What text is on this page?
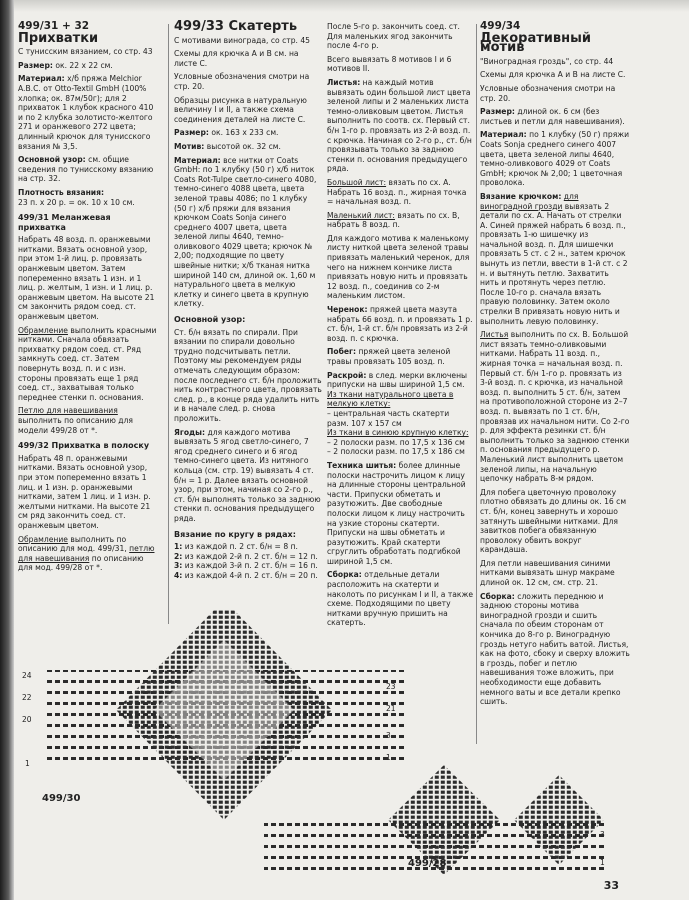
499/31 + 32
Прихватки

С тунисским вязанием, со стр. 43

Размер: ок. 22 x 22 см.

Материал: x/б пряжа Melchior A.B.C. от Otto-Textil GmbH (100% хлопка; ок. 87м/50г); для 2 прихваток 1 клубок красного 410 и по 2 клубка золотисто-желтого 271 и оранжевого 272 цвета; длинный крючок для тунисского вязания № 3,5.

Основной узор: см. общие сведения по тунисскому вязанию на стр. 32.

Плотность вязания:
23 п. x 20 р. = ок. 10 x 10 см.

499/31 Меланжевая прихватка

Набрать 48 возд. п. оранжевыми нитками. Вязать основной узор, при этом 1-й лиц. р. провязать оранжевым цветом. Затем попеременно вязать 1 изн. и 1 лиц. р. желтым, 1 изн. и 1 лиц. р. оранжевым цветом. На высоте 21 см закончить рядом соед. ст. оранжевым цветом.

Обрамление выполнить красными нитками. Сначала обвязать прихватку рядом соед. ст. Ряд замкнуть соед. ст. Затем повернуть возд. п. и с изн. стороны провязать еще 1 ряд соед. ст., захватывая только переднее стенки п. основания.

Петлю для навешивания выполнить по описанию для модели 499/28 от *.

499/32 Прихватка в полоску

Набрать 48 п. оранжевыми нитками. Вязать основной узор, при этом попеременно вязать 1 лиц. и 1 изн. р. оранжевыми нитками, затем 1 лиц. и 1 изн. р. желтыми нитками. На высоте 21 см ряд закончить соед. ст. оранжевым цветом.

Обрамление выполнить по описанию для мод. 499/31, петлю для навешивания по описанию для мод. 499/28 от *.

499/33 Скатерть

С мотивами винограда, со стр. 45

Схемы для крючка А и В см. на листе С.

Условные обозначения смотри на стр. 20.

Образцы рисунка в натуральную величину I и II, а также схема соединения деталей на листе С.

Размер: ок. 163 x 233 см.

Мотив: высотой ок. 32 см.

Материал: все нитки от Coats GmbH: по 1 клубку (50 г) x/б ниток Coats Rot-Tulpe светло-синего 4080, темно-синего 4088 цвета, цвета зеленой травы 4086; по 1 клубку (50 г) x/б пряжи для вязания крючком Coats Sonja синего среднего 4007 цвета, цвета зеленой липы 4640, темно-оливкового 4029 цвета; крючок № 2,00; подходящие по цвету швейные нитки; x/б тканая нитка шириной 140 см, длиной ок. 1,60 м натурального цвета в мелкую клетку и синего цвета в крупную клетку.

Основной узор:

Ст. б/н вязать по спирали. При вязании по спирали довольно трудно подсчитывать петли. Поэтому мы рекомендуем ряды отмечать следующим образом: после последнего ст. б/н проложить нить контрастного цвета, провязать след. р., в конце ряда удалить нить и в начале след. р. снова проложить.

Ягоды: для каждого мотива вывязать 5 ягод светло-синего, 7 ягод среднего синего и 6 ягод темно-синего цвета. Из нитяного кольца (см. стр. 19) вывязать 4 ст. б/н = 1 р. Далее вязать основной узор, при этом, начиная со 2-го р., ст. б/н выполнять только за заднюю стенки п. основания предыдущего ряда.

Вязание по кругу в рядах:
1: из каждой п. 2 ст. б/н = 8 п.
2: из каждой 2-й п. 2 ст. б/н = 12 п.
3: из каждой 3-й п. 2 ст. б/н = 16 п.
4: из каждой 4-й п. 2 ст. б/н = 20 п.

После 5-го р. закончить соед. ст. Для маленьких ягод закончить после 4-го р.

Всего вывязать 8 мотивов I и 6 мотивов II.

Листья: на каждый мотив вывязать один большой лист цвета зеленой липы и 2 маленьких листа темно-оливковым цветом. Листья выполнить по соотв. сх. Первый ст. б/н 1-го р. провязать из 2-й возд. п. с крючка. Начиная со 2-го р., ст. б/н провязывать только за заднюю стенки п. основания предыдущего ряда.

Большой лист: вязать по сх. А. Набрать 16 возд. п., жирная точка = начальная возд. п.

Маленький лист: вязать по сх. В, набрать 8 возд. п.

Для каждого мотива к маленькому листу ниткой цвета зеленой травы привязать маленький черенок, для чего на нижнем кончике листа привязать новую нить и провязать 12 возд. п., соединив со 2-м маленьким листом.

Черенок: пряжей цвета мазута набрать 66 возд. п. и провязать 1 р. ст. б/н, 1-й ст. б/н провязать из 2-й возд. п. с крючка.

Побег: пряжей цвета зеленой травы провязать 105 возд. п.

Раскрой: в след. мерки включены припуски на швы шириной 1,5 см.
Из ткани натурального цвета в мелкую клетку:
– центральная часть скатерти разм. 107 x 157 см
Из ткани в синюю крупную клетку:
– 2 полоски разм. по 17,5 x 136 см
– 2 полоски разм. по 17,5 x 186 см

Техника шитья: более длинные полоски настрочить лицом к лицу на длинные стороны центральной части. Припуски обметать и разутюжить. Две свободные полоски лицом к лицу настрочить на узкие стороны скатерти. Припуски на швы обметать и разутюжить. Край скатерти сгруглить обработать подгибкой шириной 1,5 см.

Сборка: отдельные детали расположить на скатерти и наколоть по рисункам I и II, а также схеме. Подходящими по цвету нитками вручную пришить на скатерть.

499/34
Декоративный мотив

"Виноградная гроздь", со стр. 44

Схемы для крючка А и В на листе С.

Условные обозначения смотри на стр. 20.

Размер: длиной ок. 6 см (без листьев и петли для навешивания).

Материал: по 1 клубку (50 г) пряжи Coats Sonja среднего синего 4007 цвета, цвета зеленой липы 4640, темно-оливкового 4029 от Coats GmbH; крючок № 2,00; 1 цветочная проволока.

Вязание крючком: для виноградной грозди вывязать 2 детали по сх. А. Начать от стрелки А. Синей пряжей набрать 6 возд. п., провязать 1-ю шишечку из начальной возд. п. Для шишечки провязать 5 ст. с 2 н., затем крючок вынуть из петли, ввести в 1-й ст. с 2 н. и вытянуть петлю. Захватить нить и протянуть через петлю. После 10-го р. сначала вязать правую половинку. Затем около стрелки В привязать новую нить и выполнить левую половинку.

Листья выполнить по сх. В. Большой лист вязать темно-оливковыми нитками. Набрать 11 возд. п., жирная точка = начальная возд. п. Первый ст. б/н 1-го р. провязать из 3-й возд. п. с крючка, из начальной возд. п. выполнить 5 ст. б/н, затем на противоположной стороне из 2–7 возд. п. вывязать по 1 ст. б/н, провязав их начальном нити. Со 2-го р. для эффекта резинки ст. б/н выполнить только за заднюю стенки п. основания предыдущего р. Маленький лист выполнить цветом зеленой липы, на начальную цепочку набрать 8-м рядом.

Для побега цветочную проволоку плотно обвязать до длины ок. 16 см ст. б/н, конец завернуть и хорошо затянуть швейными нитками. Для завитков побега обвязанную проволоку обвить вокруг карандаша.

Для петли навешивания синими нитками вывязать шнур макраме длиной ок. 12 см, см. стр. 21.

Сборка: сложить переднюю и заднюю стороны мотива виноградной грозди и сшить сначала по обеим сторонам от кончика до 8-го р. Виноградную гроздь нетуго набить ватой. Листья, как на фото, сбоку и сверху вложить в гроздь, побег и петлю навешивания тоже вложить, при необходимости еще добавить немного ваты и все детали крепко сшить.

24
22
20
1
23
21
3
1
3
1
499/30
499/28
33
